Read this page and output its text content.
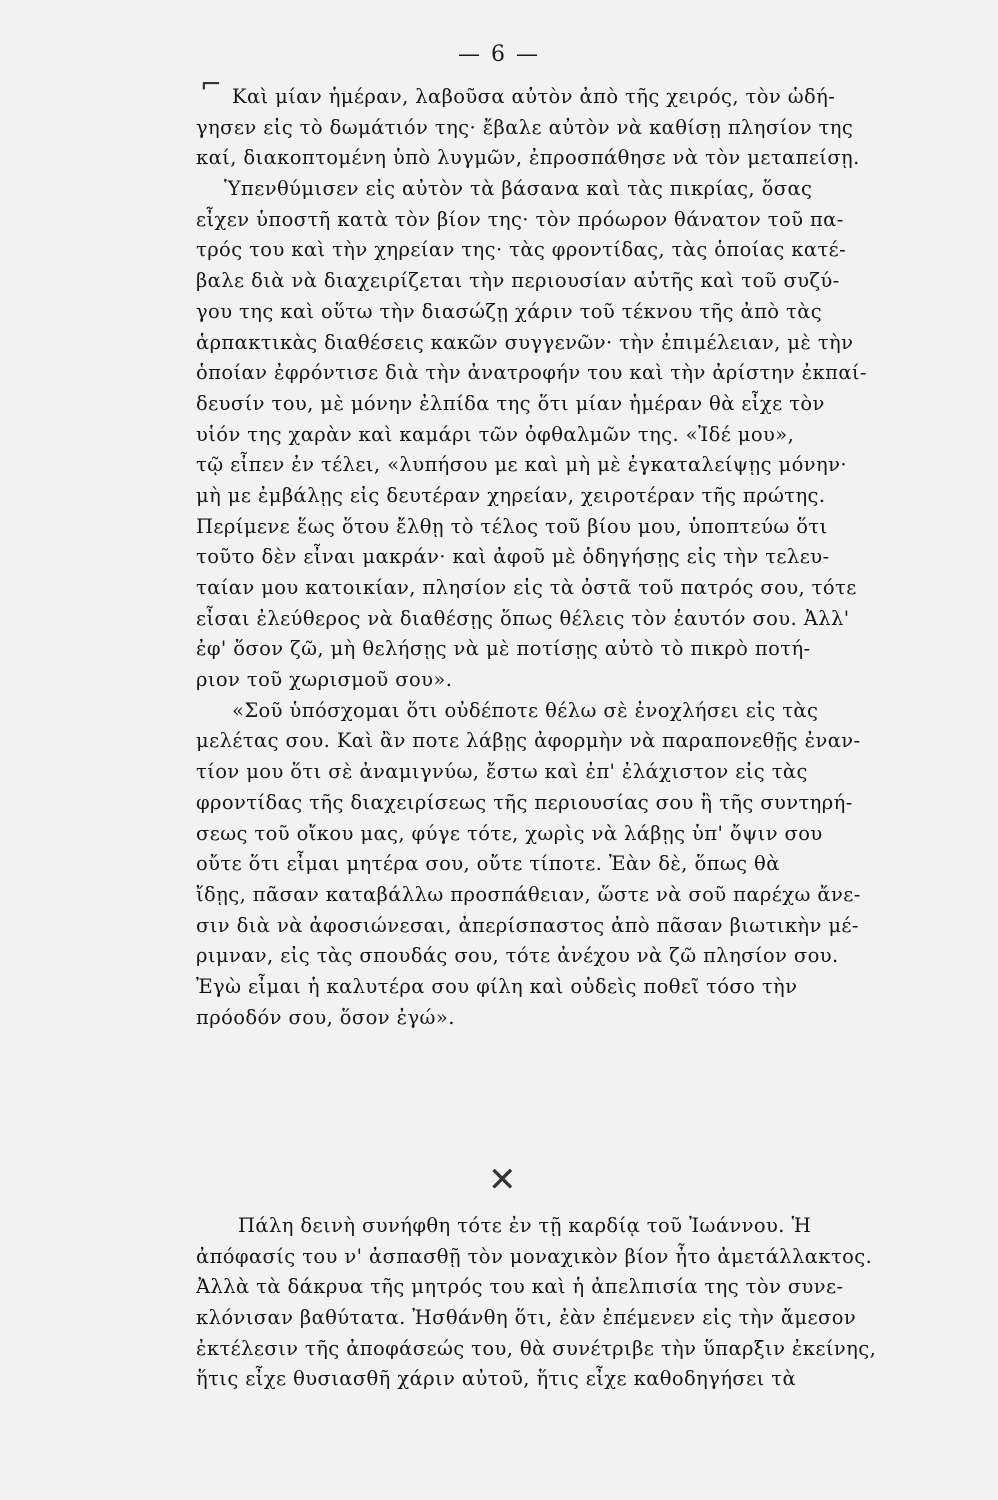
— 6 —
Καὶ μίαν ἡμέραν, λαβοῦσα αὐτὸν ἀπὸ τῆς χειρός, τὸν ὡδή-
γησεν εἰς τὸ δωμάτιόν της· ἔβαλε αὐτὸν νὰ καθίσῃ πλησίον της
καί, διακοπτομένη ὑπὸ λυγμῶν, ἐπροσπάθησε νὰ τὸν μεταπείσῃ.
Ὑπενθύμισεν εἰς αὐτὸν τὰ βάσανα καὶ τὰς πικρίας, ὅσας
εἶχεν ὑποστῆ κατὰ τὸν βίον της· τὸν πρόωρον θάνατον τοῦ πα-
τρός του καὶ τὴν χηρείαν της· τὰς φροντίδας, τὰς ὁποίας κατέ-
βαλε διὰ νὰ διαχειρίζεται τὴν περιουσίαν αὐτῆς καὶ τοῦ συζύ-
γου της καὶ οὕτω τὴν διασώζῃ χάριν τοῦ τέκνου τῆς ἀπὸ τὰς
ἁρπακτικὰς διαθέσεις κακῶν συγγενῶν· τὴν ἐπιμέλειαν, μὲ τὴν
ὁποίαν ἐφρόντισε διὰ τὴν ἀνατροφήν του καὶ τὴν ἀρίστην ἐκπαί-
δευσίν του, μὲ μόνην ἐλπίδα της ὅτι μίαν ἡμέραν θὰ εἶχε τὸν
υἱόν της χαρὰν καὶ καμάρι τῶν ὀφθαλμῶν της. «Ἰδέ μου»,
τῷ εἶπεν ἐν τέλει, «λυπήσου με καὶ μὴ μὲ ἐγκαταλείψῃς μόνην·
μὴ με ἐμβάλῃς εἰς δευτέραν χηρείαν, χειροτέραν τῆς πρώτης.
Περίμενε ἕως ὅτου ἔλθῃ τὸ τέλος τοῦ βίου μου, ὑποπτεύω ὅτι
τοῦτο δὲν εἶναι μακράν· καὶ ἀφοῦ μὲ ὁδηγήσῃς εἰς τὴν τελευ-
ταίαν μου κατοικίαν, πλησίον εἰς τὰ ὀστᾶ τοῦ πατρός σου, τότε
εἶσαι ἐλεύθερος νὰ διαθέσῃς ὅπως θέλεις τὸν ἑαυτόν σου. Ἀλλ'
ἐφ' ὅσον ζῶ, μὴ θελήσῃς νὰ μὲ ποτίσῃς αὐτὸ τὸ πικρὸ ποτή-
ριον τοῦ χωρισμοῦ σου».
«Σοῦ ὑπόσχομαι ὅτι οὐδέποτε θέλω σὲ ἐνοχλήσει εἰς τὰς
μελέτας σου. Καὶ ἂν ποτε λάβῃς ἀφορμὴν νὰ παραπονεθῇς ἐναν-
τίον μου ὅτι σὲ ἀναμιγνύω, ἔστω καὶ ἐπ' ἐλάχιστον εἰς τὰς
φροντίδας τῆς διαχειρίσεως τῆς περιουσίας σου ἢ τῆς συντηρή-
σεως τοῦ οἴκου μας, φύγε τότε, χωρὶς νὰ λάβῃς ὑπ' ὄψιν σου
οὔτε ὅτι εἶμαι μητέρα σου, οὔτε τίποτε. Ἐὰν δὲ, ὅπως θὰ
ἴδῃς, πᾶσαν καταβάλλω προσπάθειαν, ὥστε νὰ σοῦ παρέχω ἄνε-
σιν διὰ νὰ ἀφοσιώνεσαι, ἀπερίσπαστος ἀπὸ πᾶσαν βιωτικὴν μέ-
ριμναν, εἰς τὰς σπουδάς σου, τότε ἀνέχου νὰ ζῶ πλησίον σου.
Ἐγὼ εἶμαι ἡ καλυτέρα σου φίλη καὶ οὐδεὶς ποθεῖ τόσο τὴν
πρόοδόν σου, ὅσον ἐγώ».
Πάλη δεινὴ συνήφθη τότε ἐν τῇ καρδίᾳ τοῦ Ἰωάννου. Ἡ
ἀπόφασίς του ν' ἀσπασθῇ τὸν μοναχικὸν βίον ἦτο ἀμετάλλακτος.
Ἀλλὰ τὰ δάκρυα τῆς μητρός του καὶ ἡ ἀπελπισία της τὸν συνε-
κλόνισαν βαθύτατα. Ἠσθάνθη ὅτι, ἐὰν ἐπέμενεν εἰς τὴν ἄμεσον
ἐκτέλεσιν τῆς ἀποφάσεώς του, θὰ συνέτριβε τὴν ὕπαρξιν ἐκείνης,
ἥτις εἶχε θυσιασθῆ χάριν αὐτοῦ, ἥτις εἶχε καθοδηγήσει τὰ
⌐
✕
